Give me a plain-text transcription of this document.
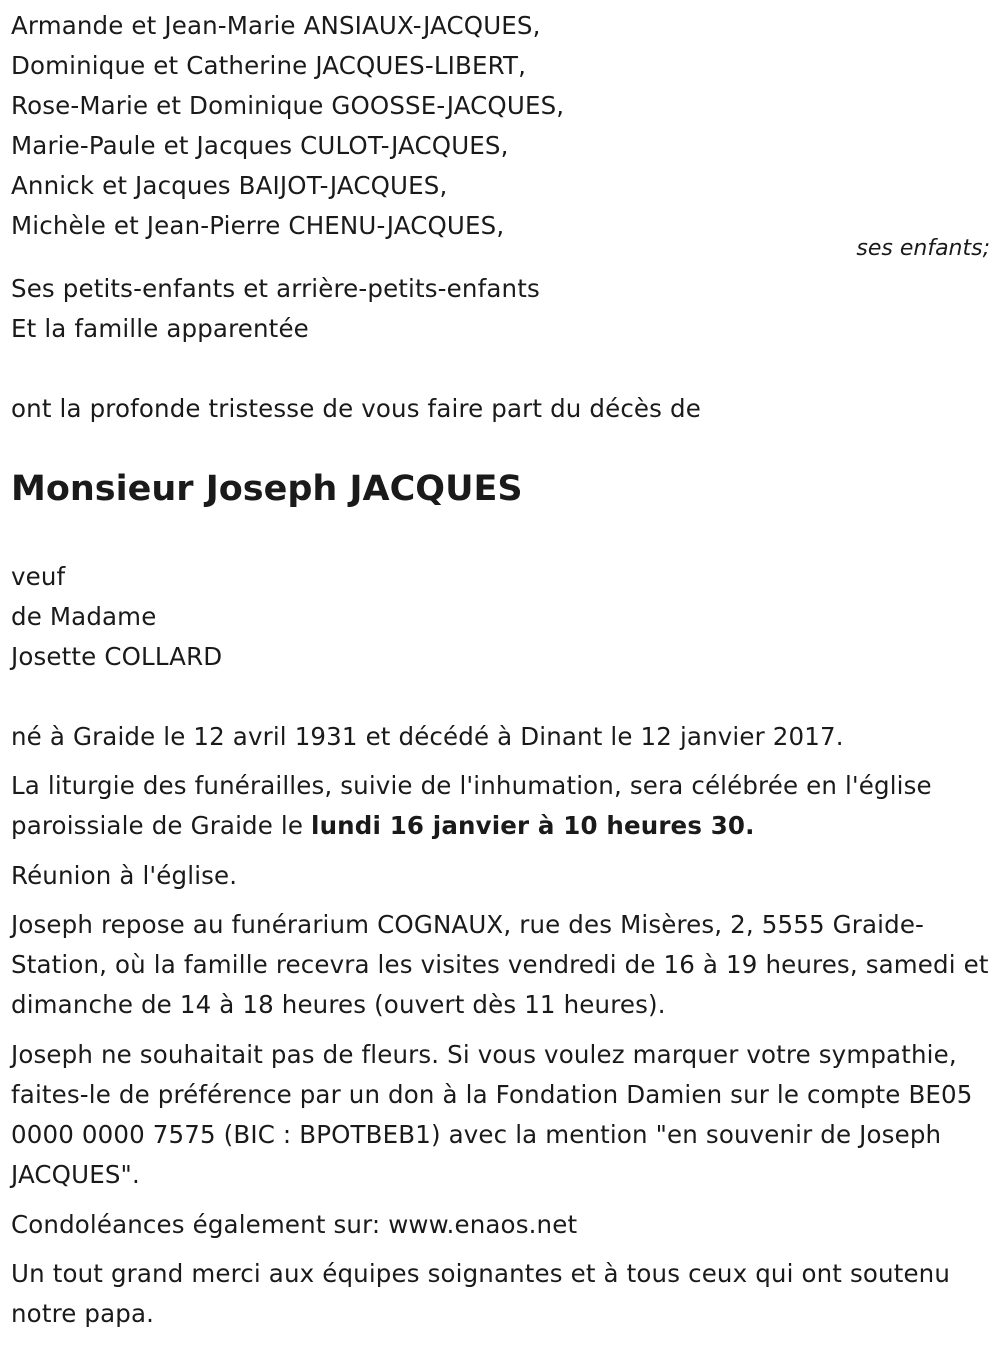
Armande et Jean-Marie ANSIAUX-JACQUES,
Dominique et Catherine JACQUES-LIBERT,
Rose-Marie et Dominique GOOSSE-JACQUES,
Marie-Paule et Jacques CULOT-JACQUES,
Annick et Jacques BAIJOT-JACQUES,
Michèle et Jean-Pierre CHENU-JACQUES,
ses enfants;
Ses petits-enfants et arrière-petits-enfants
Et la famille apparentée
ont la profonde tristesse de vous faire part du décès de
Monsieur Joseph JACQUES
veuf
de Madame
Josette COLLARD
né à Graide le 12 avril 1931 et décédé à Dinant le 12 janvier 2017.
La liturgie des funérailles, suivie de l'inhumation, sera célébrée en l'église paroissiale de Graide le lundi 16 janvier à 10 heures 30.
Réunion à l'église.
Joseph repose au funérarium COGNAUX, rue des Misères, 2, 5555 Graide-Station, où la famille recevra les visites vendredi de 16 à 19 heures, samedi et dimanche de 14 à 18 heures (ouvert dès 11 heures).
Joseph ne souhaitait pas de fleurs. Si vous voulez marquer votre sympathie, faites-le de préférence par un don à la Fondation Damien sur le compte BE05 0000 0000 7575 (BIC : BPOTBEB1) avec la mention "en souvenir de Joseph JACQUES".
Condoléances également sur: www.enaos.net
Un tout grand merci aux équipes soignantes et à tous ceux qui ont soutenu notre papa.
